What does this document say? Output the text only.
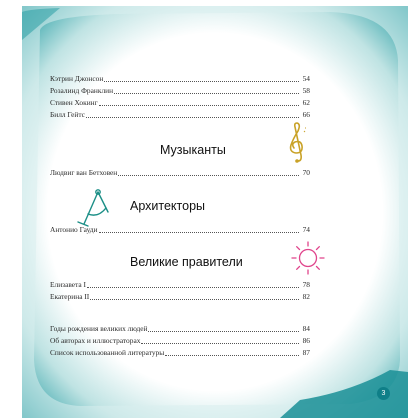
Кэтрин Джонсон	54
Розалинд Франклин	58
Стивен Хокинг	62
Билл Гейтс	66
Музыканты
Людвиг ван Бетховен	70
Архитекторы
Антонио Гауди	74
Великие правители
Елизавета I	78
Екатерина II	82
Годы рождения великих людей	84
Об авторах и иллюстраторах	86
Список использованной литературы	87
3
